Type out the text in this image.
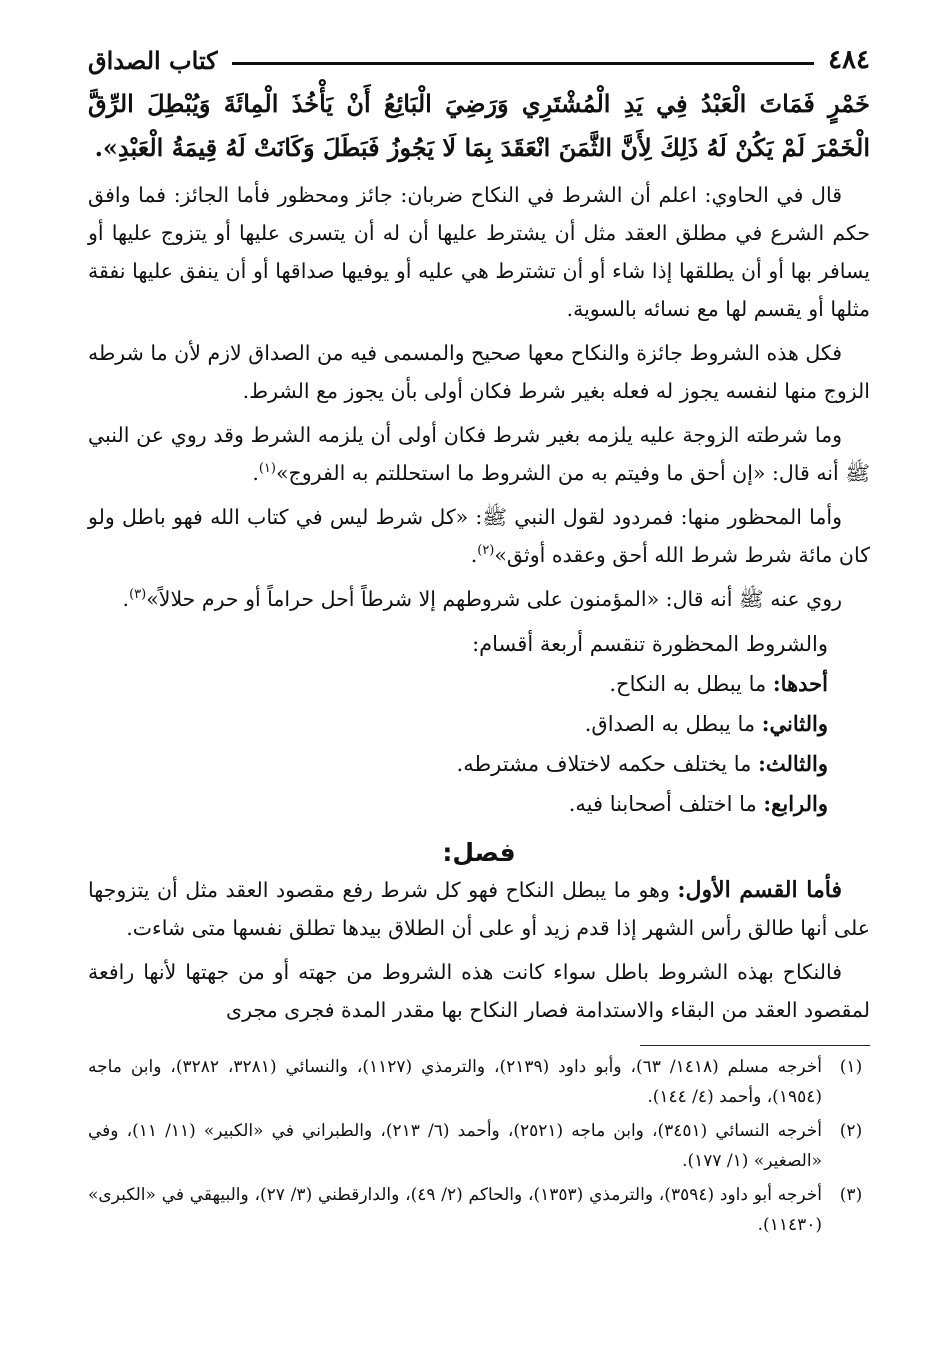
٤٨٤
كتاب الصداق

خَمْرٍ فَمَاتَ الْعَبْدُ فِي يَدِ الْمُشْتَرِي وَرَضِيَ الْبَائِعُ أَنْ يَأْخُذَ الْمِائَةَ وَيُبْطِلَ الرِّقَّ الْخَمْرَ لَمْ يَكُنْ لَهُ ذَلِكَ لِأَنَّ الثَّمَنَ انْعَقَدَ بِمَا لَا يَجُوزُ فَبَطَلَ وَكَانَتْ لَهُ قِيمَةُ الْعَبْدِ».

قال في الحاوي: اعلم أن الشرط في النكاح ضربان: جائز ومحظور فأما الجائز: فما وافق حكم الشرع في مطلق العقد مثل أن يشترط عليها أن له أن يتسرى عليها أو يتزوج عليها أو يسافر بها أو أن يطلقها إذا شاء أو أن تشترط هي عليه أو يوفيها صداقها أو أن ينفق عليها نفقة مثلها أو يقسم لها مع نسائه بالسوية.

فكل هذه الشروط جائزة والنكاح معها صحيح والمسمى فيه من الصداق لازم لأن ما شرطه الزوج منها لنفسه يجوز له فعله بغير شرط فكان أولى بأن يجوز مع الشرط.

وما شرطته الزوجة عليه يلزمه بغير شرط فكان أولى أن يلزمه الشرط وقد روي عن النبي ﷺ أنه قال: «إن أحق ما وفيتم به من الشروط ما استحللتم به الفروج»$^{(١)}$.

وأما المحظور منها: فمردود لقول النبي ﷺ: «كل شرط ليس في كتاب الله فهو باطل ولو كان مائة شرط شرط الله أحق وعقده أوثق»$^{(٢)}$.

روي عنه ﷺ أنه قال: «المؤمنون على شروطهم إلا شرطاً أحل حراماً أو حرم حلالاً»$^{(٣)}$.

والشروط المحظورة تنقسم أربعة أقسام:
أحدها: ما يبطل به النكاح.
والثاني: ما يبطل به الصداق.
والثالث: ما يختلف حكمه لاختلاف مشترطه.
والرابع: ما اختلف أصحابنا فيه.
فصل:

فأما القسم الأول: وهو ما يبطل النكاح فهو كل شرط رفع مقصود العقد مثل أن يتزوجها على أنها طالق رأس الشهر إذا قدم زيد أو على أن الطلاق بيدها تطلق نفسها متى شاءت.

فالنكاح بهذه الشروط باطل سواء كانت هذه الشروط من جهته أو من جهتها لأنها رافعة لمقصود العقد من البقاء والاستدامة فصار النكاح بها مقدر المدة فجرى مجرى

(١)
أخرجه مسلم (١٤١٨/ ٦٣)، وأبو داود (٢١٣٩)، والترمذي (١١٢٧)، والنسائي (٣٢٨١، ٣٢٨٢)، وابن ماجه (١٩٥٤)، وأحمد (٤/ ١٤٤).
(٢)
أخرجه النسائي (٣٤٥١)، وابن ماجه (٢٥٢١)، وأحمد (٦/ ٢١٣)، والطبراني في «الكبير» (١١/ ١١)، وفي «الصغير» (١/ ١٧٧).
(٣)
أخرجه أبو داود (٣٥٩٤)، والترمذي (١٣٥٣)، والحاكم (٢/ ٤٩)، والدارقطني (٣/ ٢٧)، والبيهقي في «الكبرى» (١١٤٣٠).
